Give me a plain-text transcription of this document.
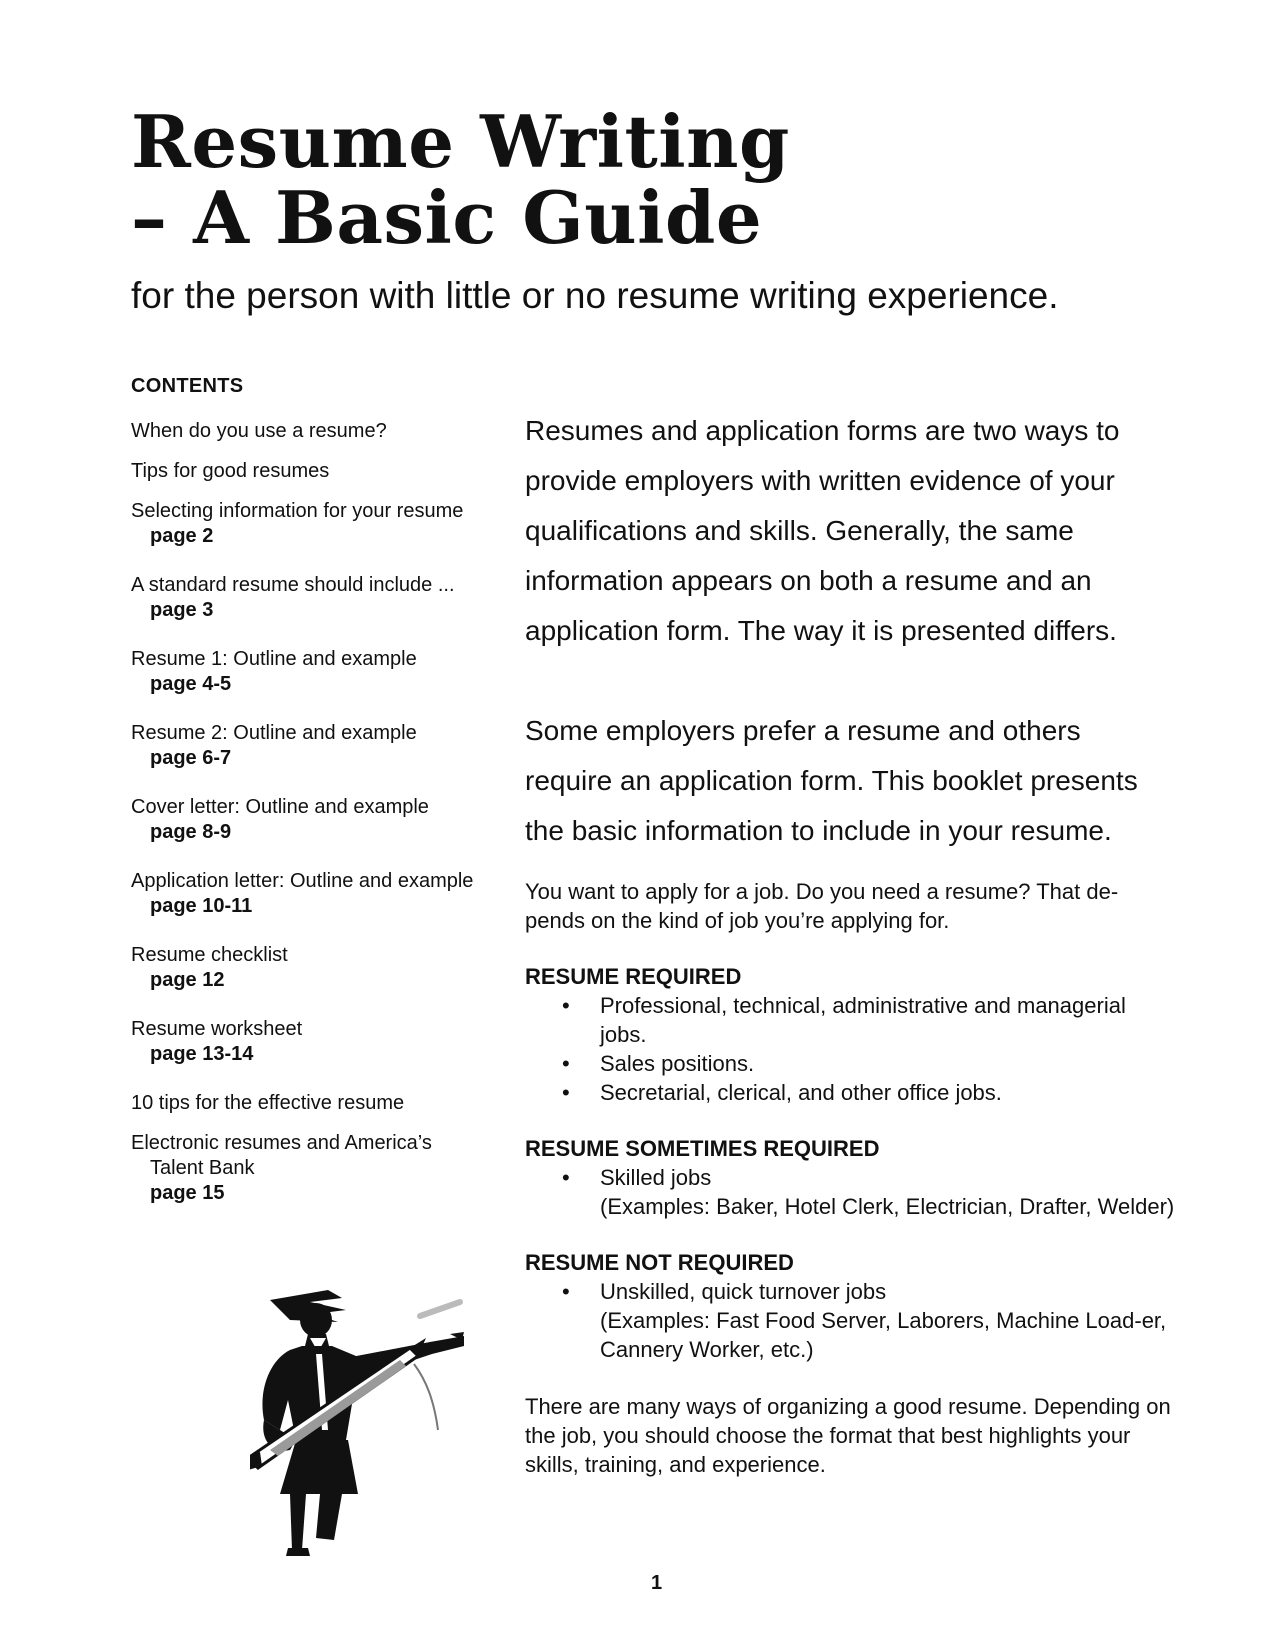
Resume Writing
– A Basic Guide

for the person with little or no resume writing experience.

CONTENTS
When do you use a resume?
Tips for good resumes
Selecting information for your resume
page 2
A standard resume should include ...
page 3
Resume 1: Outline and example
page 4-5
Resume 2: Outline and example
page 6-7
Cover letter: Outline and example
page 8-9
Application letter: Outline and example
page 10-11
Resume checklist
page 12
Resume worksheet
page 13-14
10 tips for the effective resume
Electronic resumes and America’s
Talent Bank
page 15

Resumes and application forms are two ways to provide employers with written evidence of your qualifications and skills. Generally, the same information appears on both a resume and an application form. The way it is presented differs.

Some employers prefer a resume and others require an application form. This booklet presents the basic information to include in your resume.

You want to apply for a job. Do you need a resume? That de-pends on the kind of job you’re applying for.

RESUME REQUIRED
• Professional, technical, administrative and managerial jobs.
• Sales positions.
• Secretarial, clerical, and other office jobs.
RESUME SOMETIMES REQUIRED
• Skilled jobs
(Examples: Baker, Hotel Clerk, Electrician, Drafter, Welder)
RESUME NOT REQUIRED
• Unskilled, quick turnover jobs
(Examples: Fast Food Server, Laborers, Machine Load-er, Cannery Worker, etc.)

There are many ways of organizing a good resume. Depending on the job, you should choose the format that best highlights your skills, training, and experience.

1
